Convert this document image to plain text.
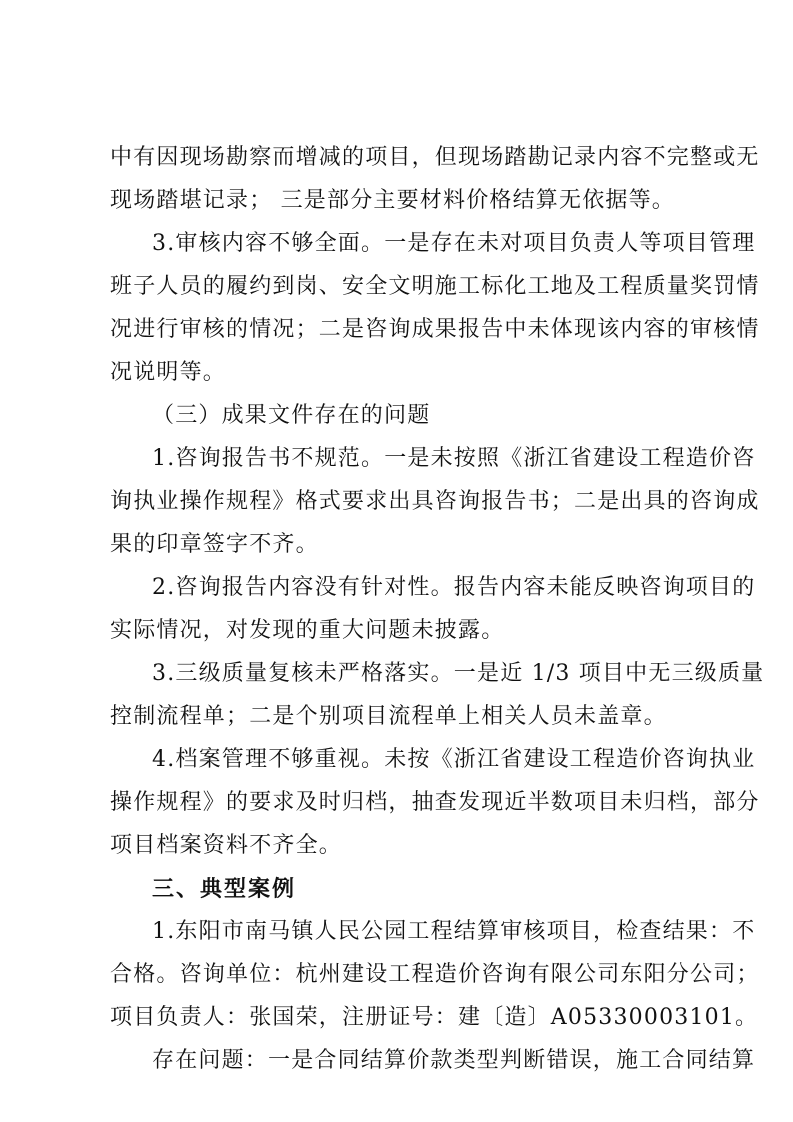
中有因现场勘察而增减的项目，但现场踏勘记录内容不完整或无
现场踏堪记录； 三是部分主要材料价格结算无依据等。
3.审核内容不够全面。一是存在未对项目负责人等项目管理
班子人员的履约到岗、安全文明施工标化工地及工程质量奖罚情
况进行审核的情况；二是咨询成果报告中未体现该内容的审核情
况说明等。
（三）成果文件存在的问题
1.咨询报告书不规范。一是未按照《浙江省建设工程造价咨
询执业操作规程》格式要求出具咨询报告书；二是出具的咨询成
果的印章签字不齐。
2.咨询报告内容没有针对性。报告内容未能反映咨询项目的
实际情况，对发现的重大问题未披露。
3.三级质量复核未严格落实。一是近 1/3 项目中无三级质量
控制流程单；二是个别项目流程单上相关人员未盖章。
4.档案管理不够重视。未按《浙江省建设工程造价咨询执业
操作规程》的要求及时归档，抽查发现近半数项目未归档，部分
项目档案资料不齐全。
三、典型案例
1.东阳市南马镇人民公园工程结算审核项目，检查结果：不
合格。咨询单位：杭州建设工程造价咨询有限公司东阳分公司；
项目负责人：张国荣，注册证号：建〔造〕A05330003101。
存在问题：一是合同结算价款类型判断错误，施工合同结算
